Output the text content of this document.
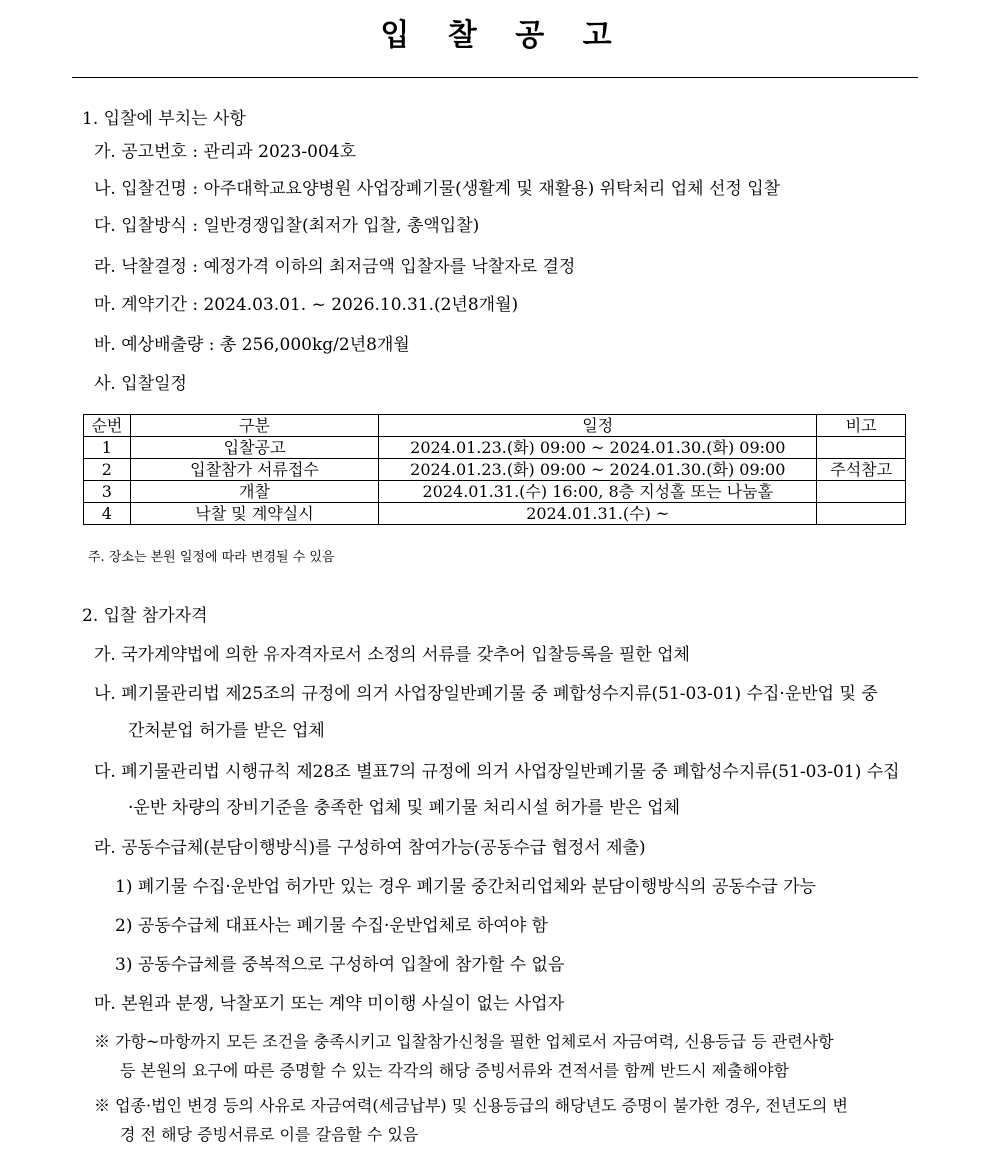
입 찰 공 고
1. 입찰에 부치는 사항
가. 공고번호 : 관리과 2023-004호
나. 입찰건명 : 아주대학교요양병원 사업장폐기물(생활계 및 재활용) 위탁처리 업체 선정 입찰
다. 입찰방식 : 일반경쟁입찰(최저가 입찰, 총액입찰)
라. 낙찰결정 : 예정가격 이하의 최저금액 입찰자를 낙찰자로 결정
마. 계약기간 : 2024.03.01. ~ 2026.10.31.(2년8개월)
바. 예상배출량 : 총 256,000kg/2년8개월
사. 입찰일정
순번	구분	일정	비고
1	입찰공고	2024.01.23.(화) 09:00 ~ 2024.01.30.(화) 09:00	
2	입찰참가 서류접수	2024.01.23.(화) 09:00 ~ 2024.01.30.(화) 09:00	주석참고
3	개찰	2024.01.31.(수) 16:00, 8층 지성홀 또는 나눔홀	
4	낙찰 및 계약실시	2024.01.31.(수) ~	
주. 장소는 본원 일정에 따라 변경될 수 있음
2. 입찰 참가자격
가. 국가계약법에 의한 유자격자로서 소정의 서류를 갖추어 입찰등록을 필한 업체
나. 폐기물관리법 제25조의 규정에 의거 사업장일반폐기물 중 폐합성수지류(51-03-01) 수집·운반업 및 중
간처분업 허가를 받은 업체
다. 폐기물관리법 시행규칙 제28조 별표7의 규정에 의거 사업장일반폐기물 중 폐합성수지류(51-03-01) 수집
·운반 차량의 장비기준을 충족한 업체 및 폐기물 처리시설 허가를 받은 업체
라. 공동수급체(분담이행방식)를 구성하여 참여가능(공동수급 협정서 제출)
1) 폐기물 수집·운반업 허가만 있는 경우 폐기물 중간처리업체와 분담이행방식의 공동수급 가능
2) 공동수급체 대표사는 폐기물 수집·운반업체로 하여야 함
3) 공동수급체를 중복적으로 구성하여 입찰에 참가할 수 없음
마. 본원과 분쟁, 낙찰포기 또는 계약 미이행 사실이 없는 사업자
※ 가항~마항까지 모든 조건을 충족시키고 입찰참가신청을 필한 업체로서 자금여력, 신용등급 등 관련사항
등 본원의 요구에 따른 증명할 수 있는 각각의 해당 증빙서류와 견적서를 함께 반드시 제출해야함
※ 업종·법인 변경 등의 사유로 자금여력(세금납부) 및 신용등급의 해당년도 증명이 불가한 경우, 전년도의 변
경 전 해당 증빙서류로 이를 갈음할 수 있음
